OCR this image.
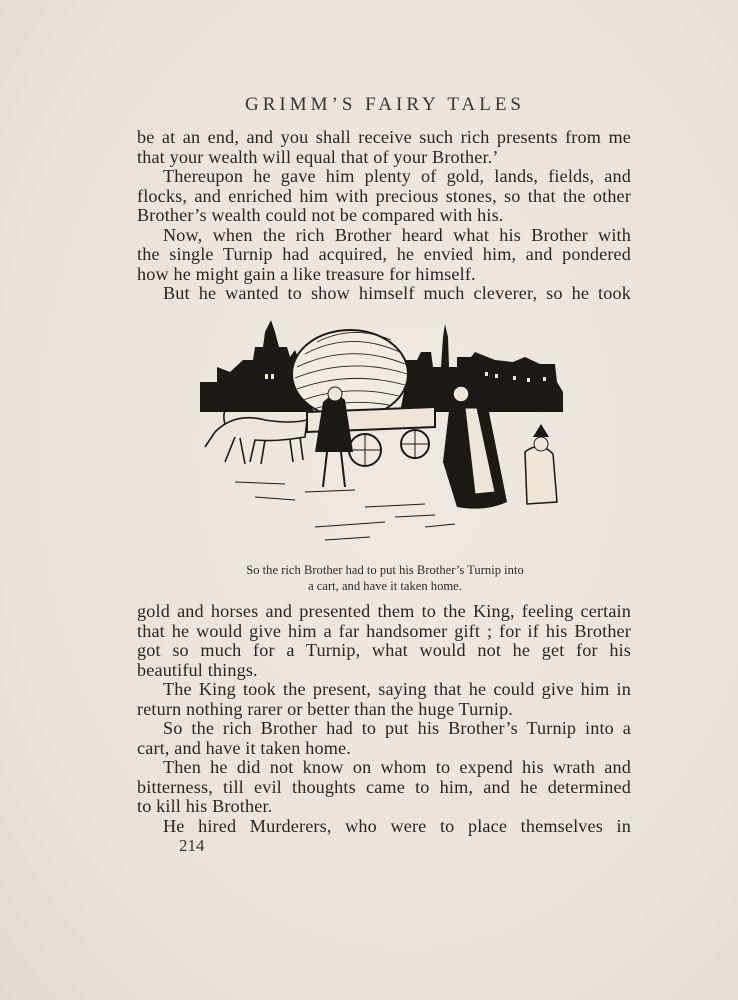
GRIMM’S FAIRY TALES
be at an end, and you shall receive such rich presents from me
that your wealth will equal that of your Brother.’
Thereupon he gave him plenty of gold, lands, fields, and
flocks, and enriched him with precious stones, so that the other
Brother’s wealth could not be compared with his.
Now, when the rich Brother heard what his Brother with
the single Turnip had acquired, he envied him, and pondered
how he might gain a like treasure for himself.
But he wanted to show himself much cleverer, so he took
So the rich Brother had to put his Brother’s Turnip into
a cart, and have it taken home.
gold and horses and presented them to the King, feeling certain
that he would give him a far handsomer gift ; for if his Brother
got so much for a Turnip, what would not he get for his
beautiful things.
The King took the present, saying that he could give him in
return nothing rarer or better than the huge Turnip.
So the rich Brother had to put his Brother’s Turnip into a
cart, and have it taken home.
Then he did not know on whom to expend his wrath and
bitterness, till evil thoughts came to him, and he determined
to kill his Brother.
He hired Murderers, who were to place themselves in
214
